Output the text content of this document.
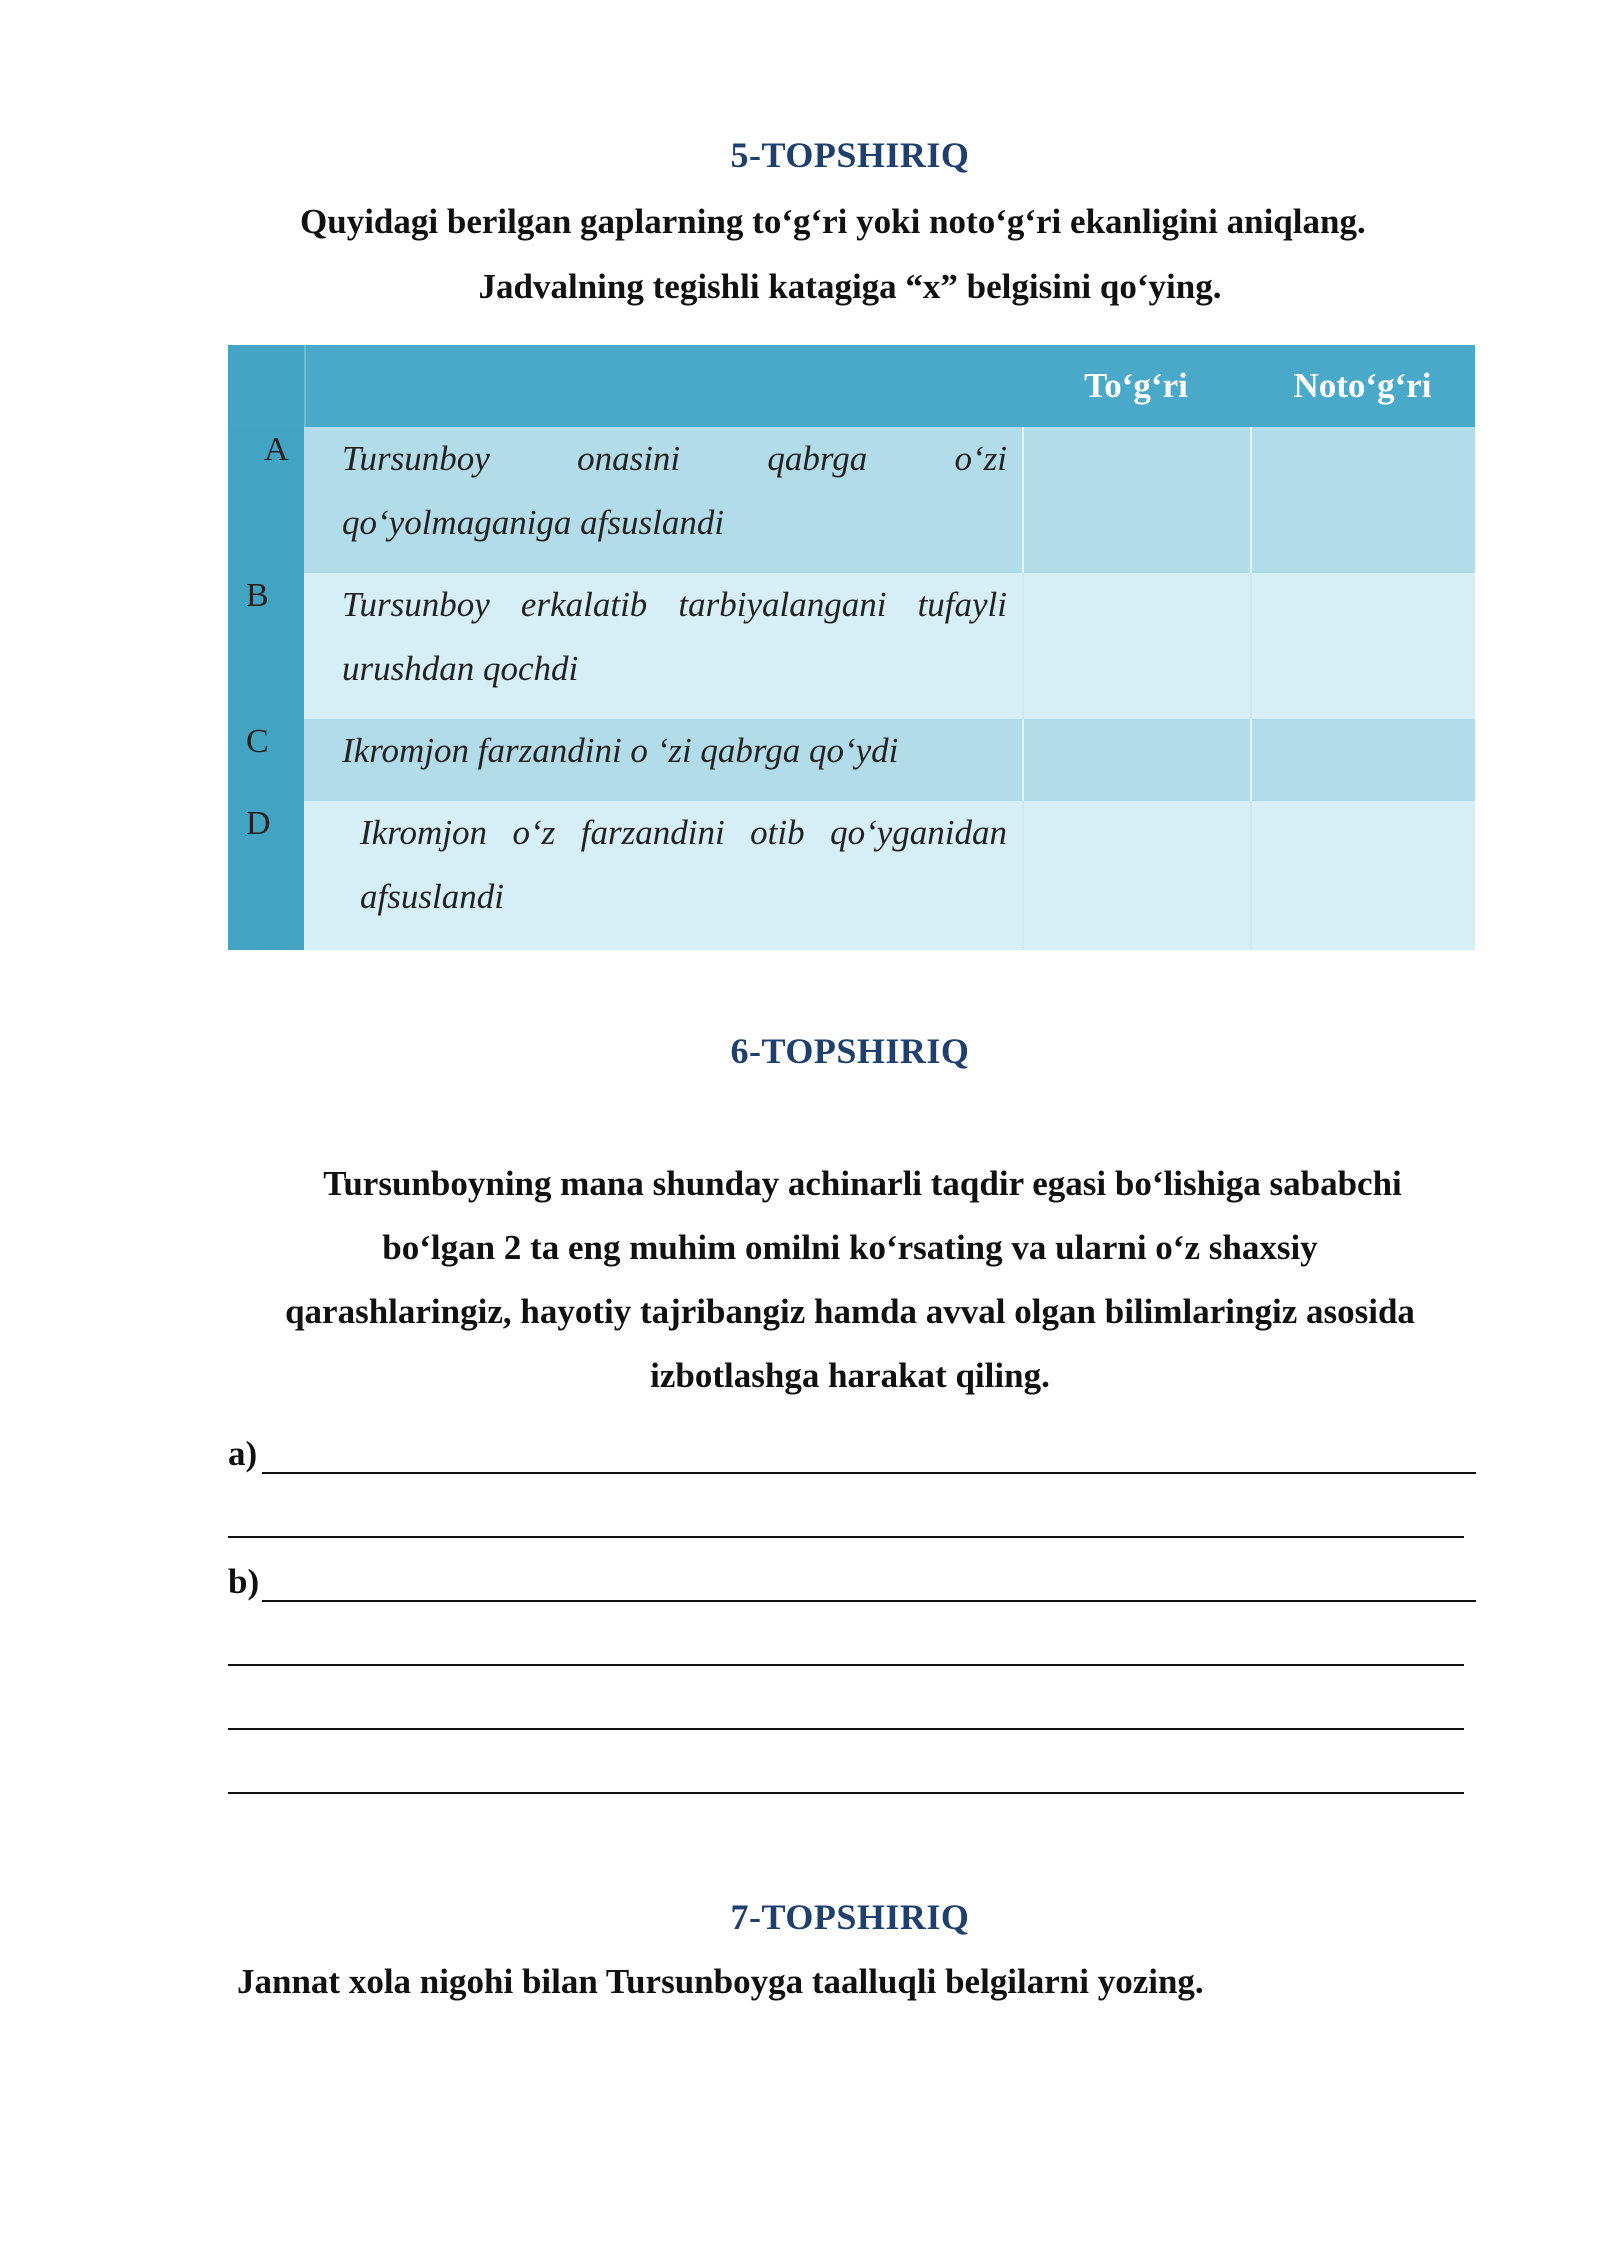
5-TOPSHIRIQ
Quyidagi berilgan gaplarning to‘g‘ri yoki noto‘g‘ri ekanligini aniqlang.
Jadvalning tegishli katagiga “x” belgisini qo‘ying.
To‘g‘ri	Noto‘g‘ri
A Tursunboy onasini qabrga o‘zi
qo‘yolmaganiga afsuslandi
B Tursunboy erkalatib tarbiyalangani tufayli
urushdan qochdi
C Ikromjon farzandini o ‘zi qabrga qo‘ydi
D	Ikromjon o‘z farzandini otib qo‘yganidan
afsuslandi
6-TOPSHIRIQ
Tursunboyning mana shunday achinarli taqdir egasi bo‘lishiga sababchi
bo‘lgan 2 ta eng muhim omilni ko‘rsating va ularni o‘z shaxsiy
qarashlaringiz, hayotiy tajribangiz hamda avval olgan bilimlaringiz asosida
izbotlashga harakat qiling.
a)
b)
7-TOPSHIRIQ
Jannat xola nigohi bilan Tursunboyga taalluqli belgilarni yozing.
